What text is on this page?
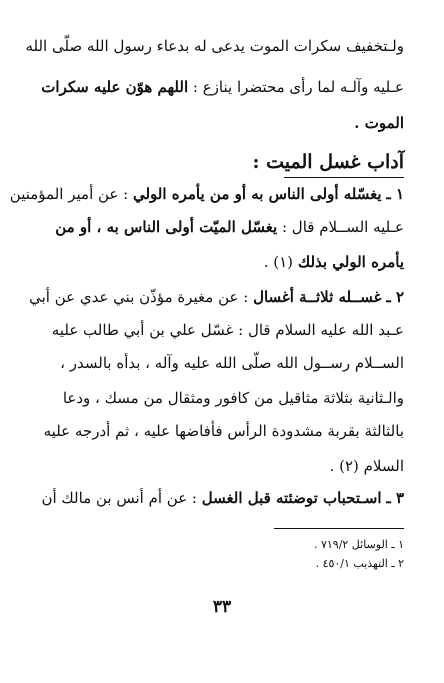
ولـتخفيف سكرات الموت يدعى له بدعاء رسول الله صلّى الله
عـليه وآلـه لما رأى محتضرا ينازع : اللهم هوّن عليه سكرات
الموت .
آداب غسل الميت :
١ ـ يغسّله أولى الناس به أو من يأمره الولي : عن أمير المؤمنين
عـليه الســلام قال : يغسّل الميّت أولى الناس به ، أو من
يأمره الولي بذلك (١) .
٢ ـ غســله ثلاثــة أغسال : عن مغيرة مؤذّن بني عدي عن أبي
عـبد الله عليه السلام قال : غسّل علي بن أبي طالب عليه
الســلام رســول الله صلّى الله عليه وآله ، بدأه بالسدر ،
والـثانية بثلاثة مثاقيل من كافور ومثقال من مسك ، ودعا
بالثالثة بقربة مشدودة الرأس فأفاضها عليه ، ثم أدرجه عليه
السلام (٢) .
٣ ـ اسـتحباب توضئته قبل الغسل : عن أم أنس بن مالك أن
١ ـ الوسائل ٧١٩/٢ .
٢ ـ التهذيب ٤٥٠/١ .
٣٣
